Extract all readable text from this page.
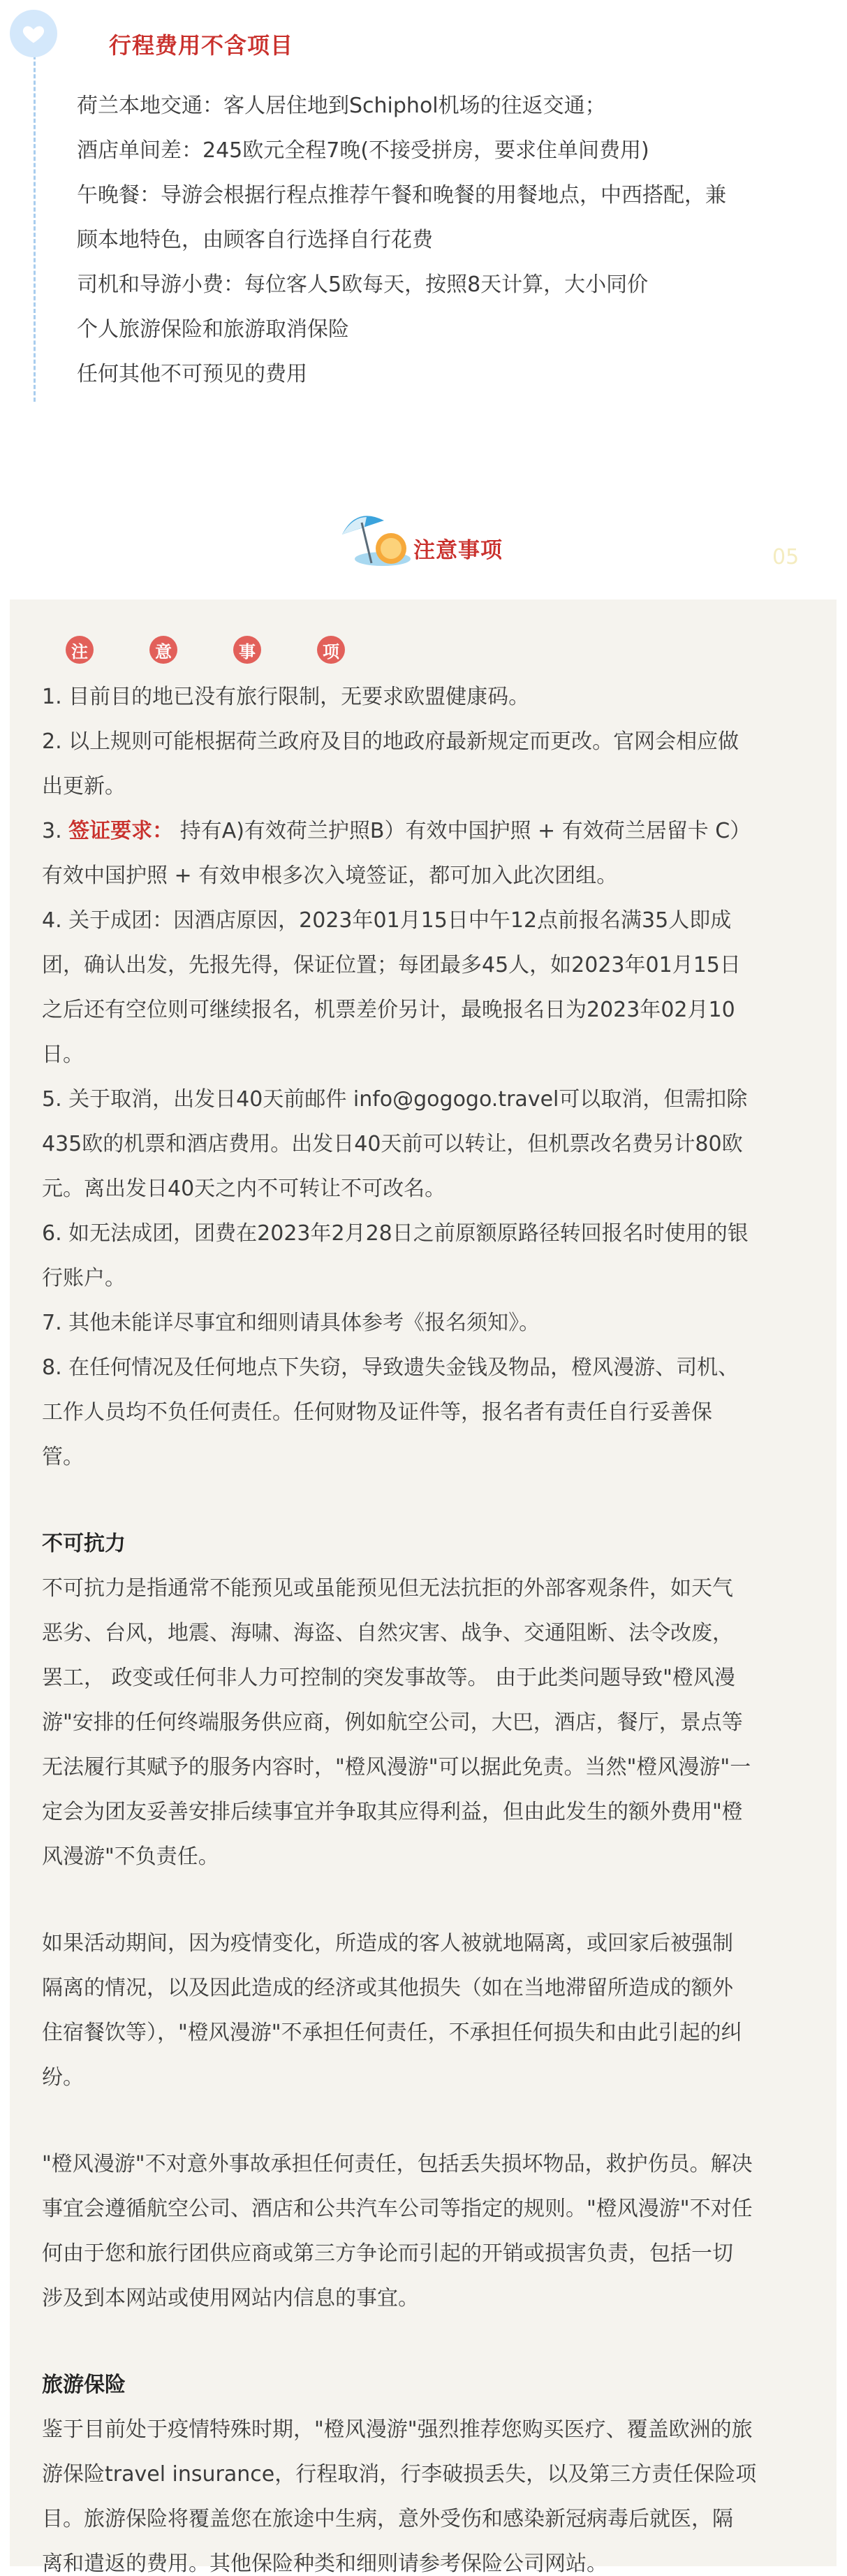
行程费用不含项目

荷兰本地交通：客人居住地到Schiphol机场的往返交通；

酒店单间差：245欧元全程7晚(不接受拼房，要求住单间费用)

午晚餐：导游会根据行程点推荐午餐和晚餐的用餐地点，中西搭配，兼

顾本地特色，由顾客自行选择自行花费

司机和导游小费：每位客人5欧每天，按照8天计算，大小同价

个人旅游保险和旅游取消保险

任何其他不可预见的费用

注意事项	05
注	意	事	项

1. 目前目的地已没有旅行限制，无要求欧盟健康码。

2. 以上规则可能根据荷兰政府及目的地政府最新规定而更改。官网会相应做

出更新。

3. 签证要求： 持有A)有效荷兰护照B）有效中国护照 + 有效荷兰居留卡 C）

有效中国护照 + 有效申根多次入境签证，都可加入此次团组。

4. 关于成团：因酒店原因，2023年01月15日中午12点前报名满35人即成

团，确认出发，先报先得，保证位置；每团最多45人，如2023年01月15日

之后还有空位则可继续报名，机票差价另计，最晚报名日为2023年02月10

日。

5. 关于取消，出发日40天前邮件 info@gogogo.travel可以取消，但需扣除

435欧的机票和酒店费用。出发日40天前可以转让，但机票改名费另计80欧

元。离出发日40天之内不可转让不可改名。

6. 如无法成团，团费在2023年2月28日之前原额原路径转回报名时使用的银

行账户。

7. 其他未能详尽事宜和细则请具体参考《报名须知》。

8. 在任何情况及任何地点下失窃，导致遗失金钱及物品，橙风漫游、司机、

工作人员均不负任何责任。任何财物及证件等，报名者有责任自行妥善保

管。

不可抗力

不可抗力是指通常不能预见或虽能预见但无法抗拒的外部客观条件，如天气

恶劣、台风，地震、海啸、海盗、自然灾害、战争、交通阻断、法令改废，

罢工， 政变或任何非人力可控制的突发事故等。 由于此类问题导致"橙风漫

游"安排的任何终端服务供应商，例如航空公司，大巴，酒店，餐厅，景点等

无法履行其赋予的服务内容时，"橙风漫游"可以据此免责。当然"橙风漫游"一

定会为团友妥善安排后续事宜并争取其应得利益，但由此发生的额外费用"橙

风漫游"不负责任。

如果活动期间，因为疫情变化，所造成的客人被就地隔离，或回家后被强制

隔离的情况，以及因此造成的经济或其他损失（如在当地滞留所造成的额外

住宿餐饮等），"橙风漫游"不承担任何责任，不承担任何损失和由此引起的纠

纷。

"橙风漫游"不对意外事故承担任何责任，包括丢失损坏物品，救护伤员。解决

事宜会遵循航空公司、酒店和公共汽车公司等指定的规则。"橙风漫游"不对任

何由于您和旅行团供应商或第三方争论而引起的开销或损害负责，包括一切

涉及到本网站或使用网站内信息的事宜。

旅游保险

鉴于目前处于疫情特殊时期，"橙风漫游"强烈推荐您购买医疗、覆盖欧洲的旅

游保险travel insurance，行程取消，行李破损丢失，以及第三方责任保险项

目。旅游保险将覆盖您在旅途中生病，意外受伤和感染新冠病毒后就医，隔

离和遣返的费用。其他保险种类和细则请参考保险公司网站。
